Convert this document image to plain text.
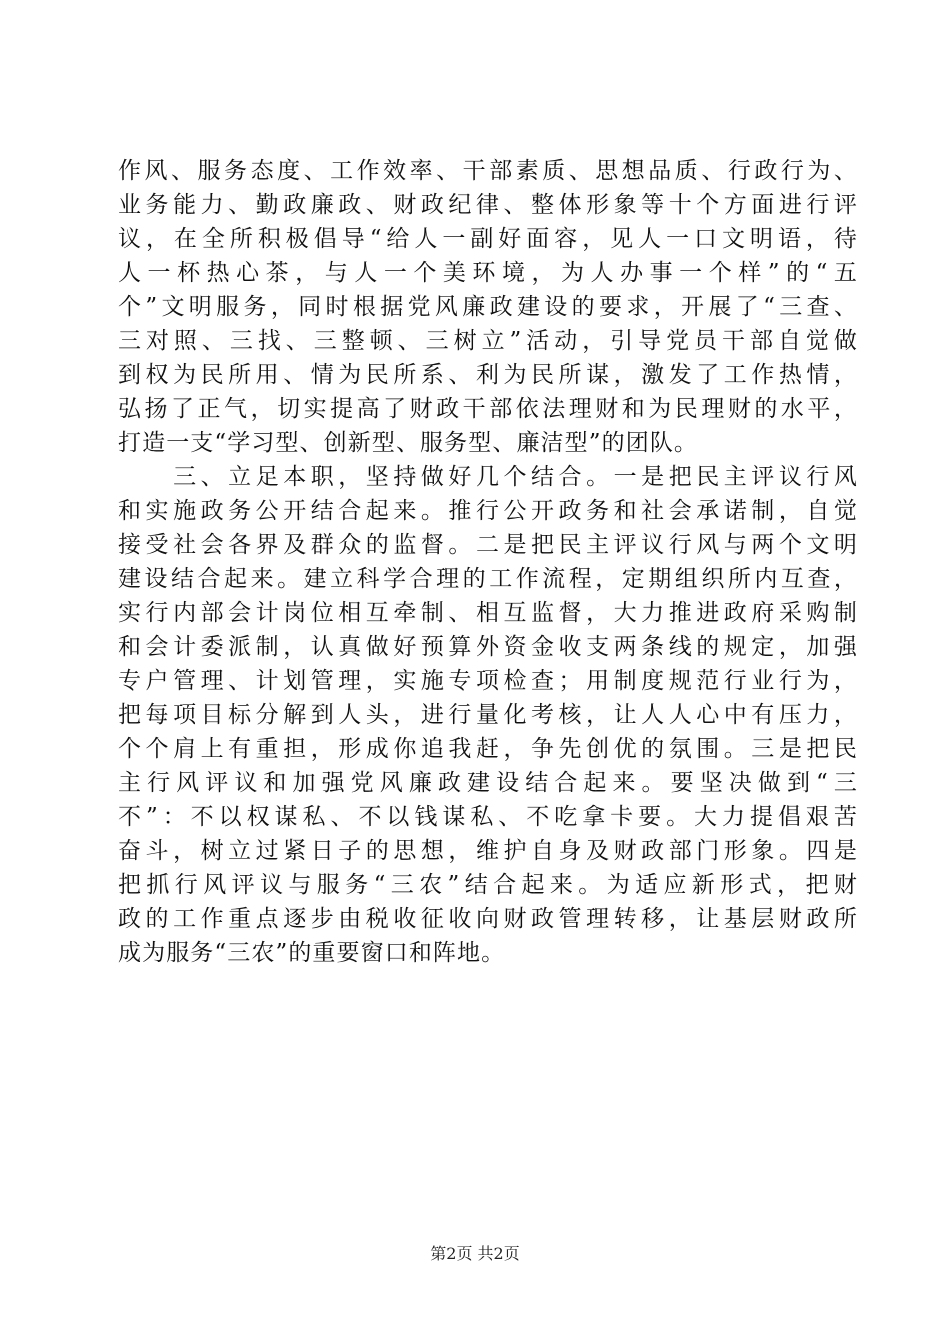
作风、服务态度、工作效率、干部素质、思想品质、行政行为、
业务能力、勤政廉政、财政纪律、整体形象等十个方面进行评
议，在全所积极倡导“给人一副好面容，见人一口文明语，待
人一杯热心茶，与人一个美环境，为人办事一个样”的“五
个”文明服务，同时根据党风廉政建设的要求，开展了“三查、
三对照、三找、三整顿、三树立”活动，引导党员干部自觉做
到权为民所用、情为民所系、利为民所谋，激发了工作热情，
弘扬了正气，切实提高了财政干部依法理财和为民理财的水平，
打造一支“学习型、创新型、服务型、廉洁型”的团队。
　　三、立足本职，坚持做好几个结合。一是把民主评议行风
和实施政务公开结合起来。推行公开政务和社会承诺制，自觉
接受社会各界及群众的监督。二是把民主评议行风与两个文明
建设结合起来。建立科学合理的工作流程，定期组织所内互查，
实行内部会计岗位相互牵制、相互监督，大力推进政府采购制
和会计委派制，认真做好预算外资金收支两条线的规定，加强
专户管理、计划管理，实施专项检查；用制度规范行业行为，
把每项目标分解到人头，进行量化考核，让人人心中有压力，
个个肩上有重担，形成你追我赶，争先创优的氛围。三是把民
主行风评议和加强党风廉政建设结合起来。要坚决做到“三
不”：不以权谋私、不以钱谋私、不吃拿卡要。大力提倡艰苦
奋斗，树立过紧日子的思想，维护自身及财政部门形象。四是
把抓行风评议与服务“三农”结合起来。为适应新形式，把财
政的工作重点逐步由税收征收向财政管理转移，让基层财政所
成为服务“三农”的重要窗口和阵地。
第2页 共2页
